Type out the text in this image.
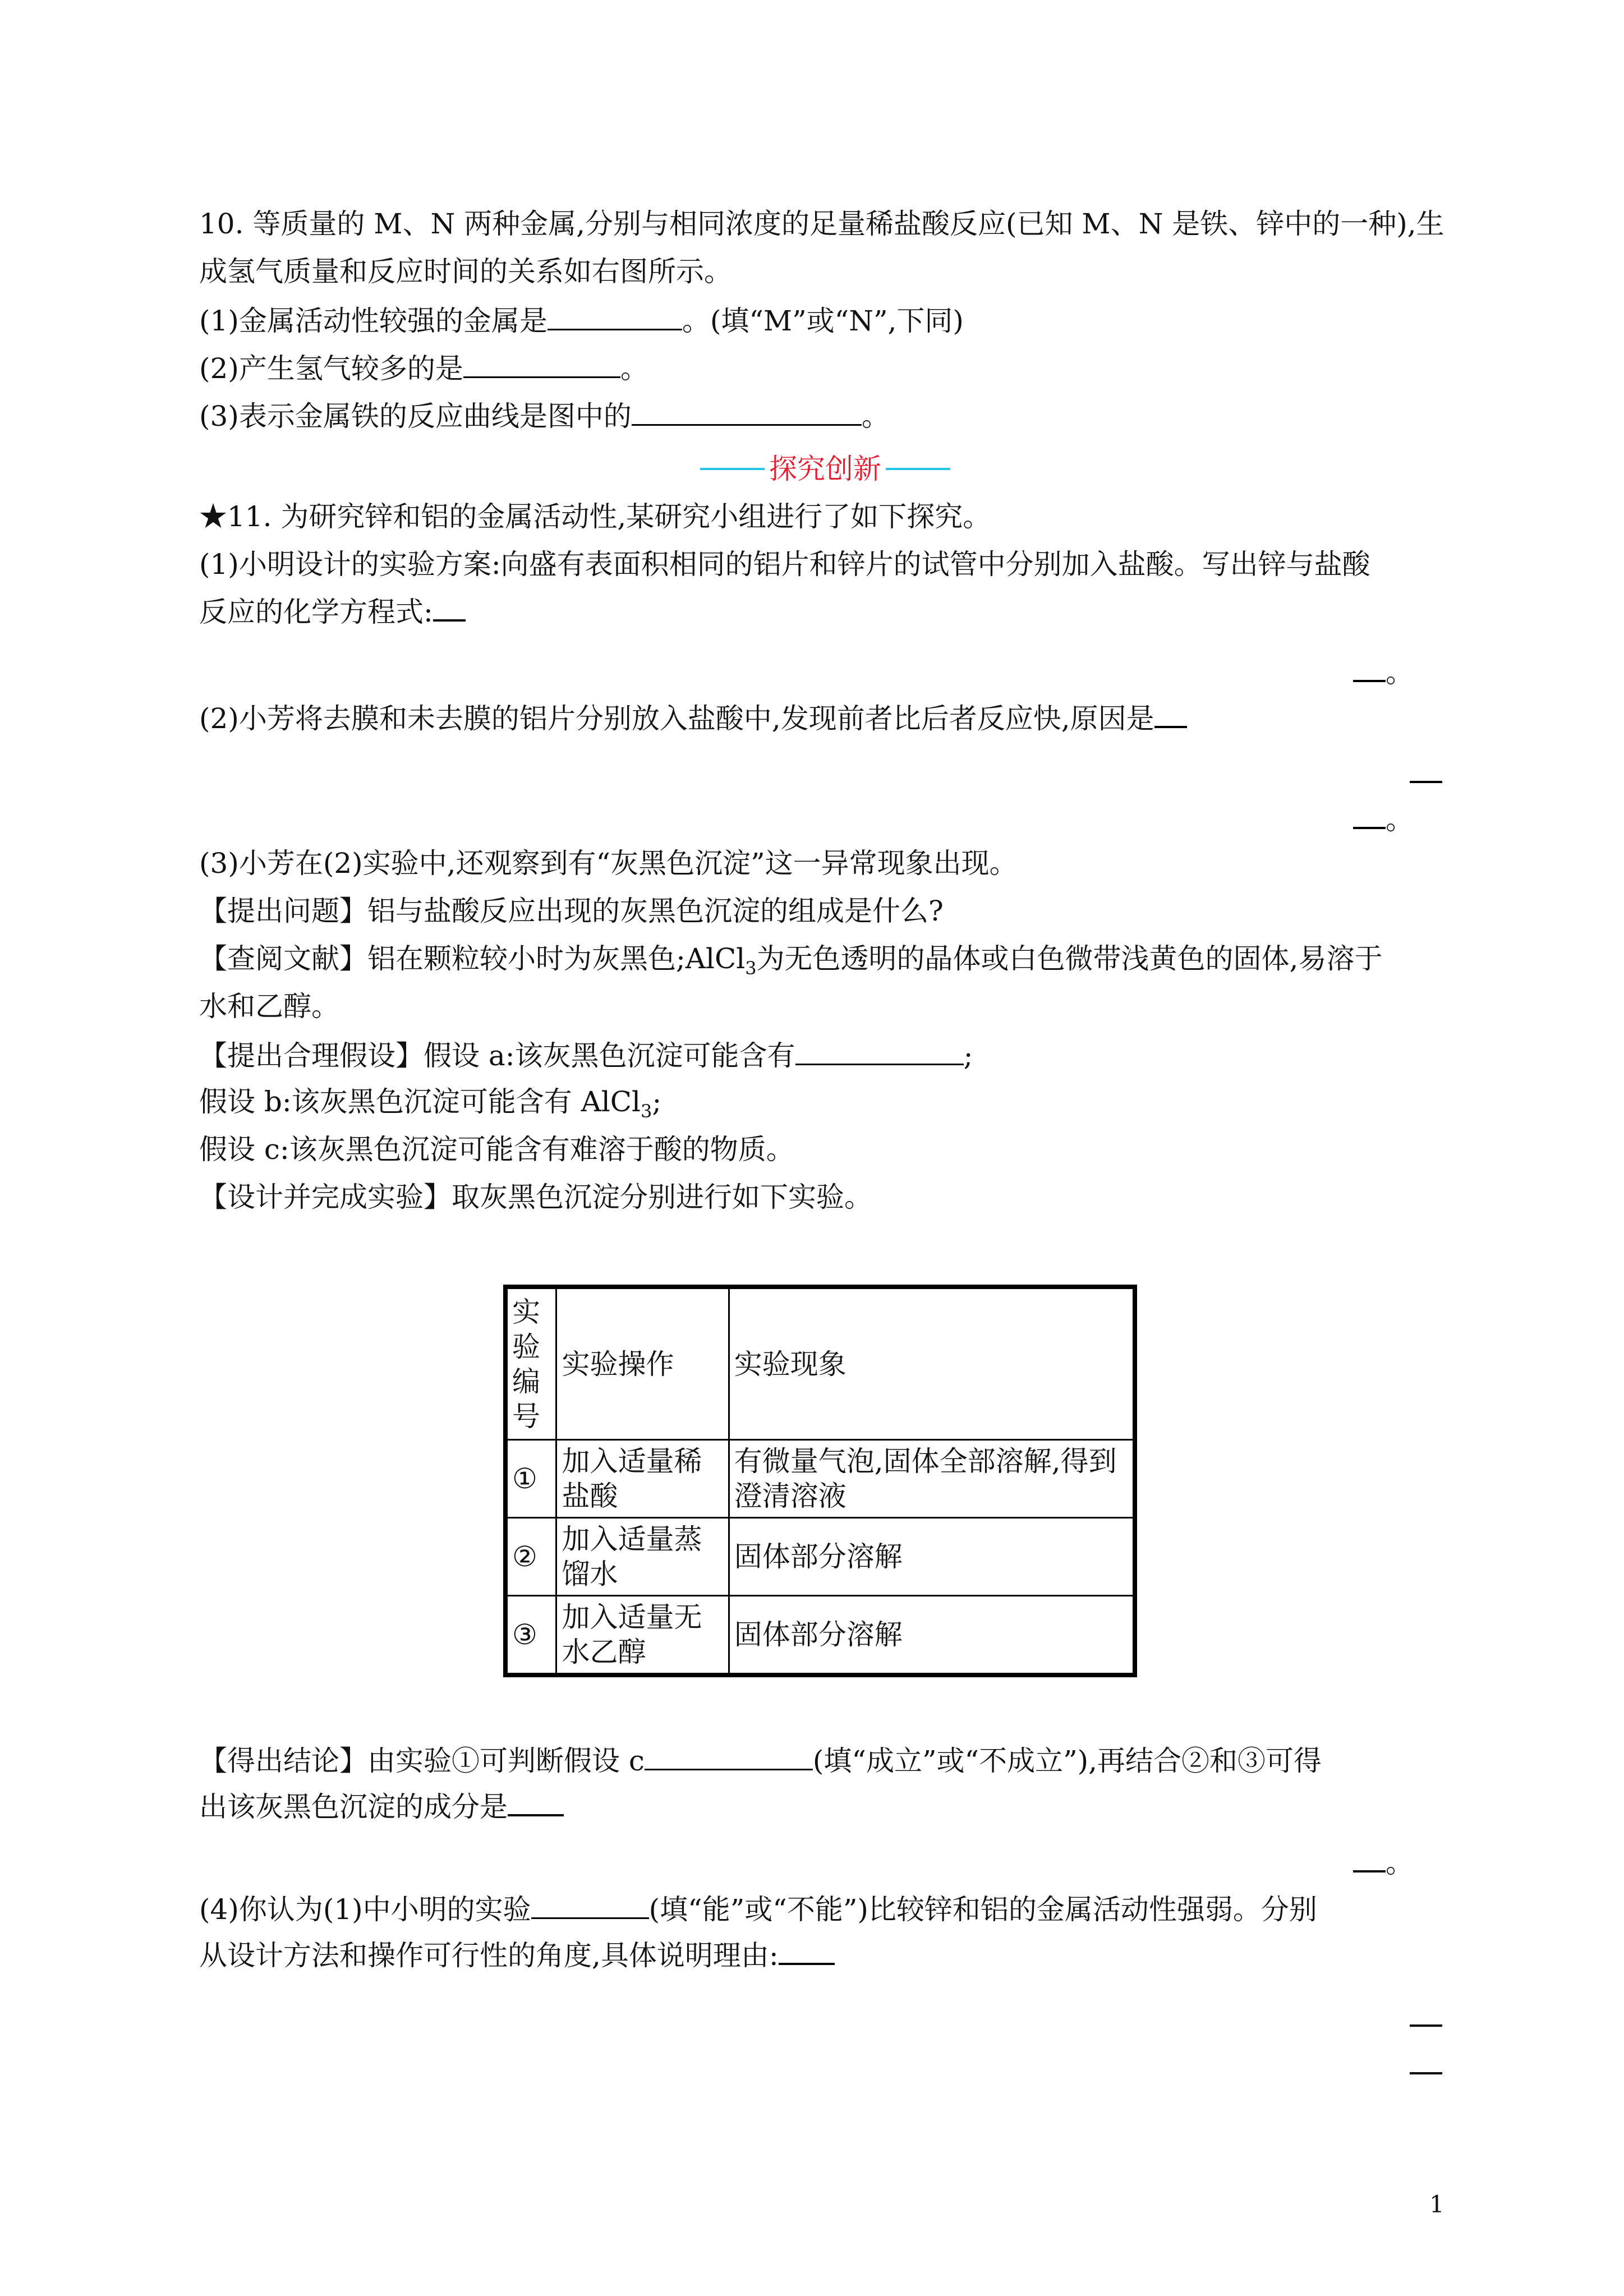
10. 等质量的 M、N 两种金属,分别与相同浓度的足量稀盐酸反应(已知 M、N 是铁、锌中的一种),生
成氢气质量和反应时间的关系如右图所示。
(1)金属活动性较强的金属是	。(填“M”或“N”,下同)
(2)产生氢气较多的是	。
(3)表示金属铁的反应曲线是图中的	。
探究创新
★11. 为研究锌和铝的金属活动性,某研究小组进行了如下探究。
(1)小明设计的实验方案:向盛有表面积相同的铝片和锌片的试管中分别加入盐酸。写出锌与盐酸
反应的化学方程式:
。
(2)小芳将去膜和未去膜的铝片分别放入盐酸中,发现前者比后者反应快,原因是
。
(3)小芳在(2)实验中,还观察到有“灰黑色沉淀”这一异常现象出现。
【提出问题】铝与盐酸反应出现的灰黑色沉淀的组成是什么?
【查阅文献】铝在颗粒较小时为灰黑色;AlCl$_3$为无色透明的晶体或白色微带浅黄色的固体,易溶于
水和乙醇。
【提出合理假设】假设 a:该灰黑色沉淀可能含有	;
假设 b:该灰黑色沉淀可能含有 AlCl$_3$;
假设 c:该灰黑色沉淀可能含有难溶于酸的物质。
【设计并完成实验】取灰黑色沉淀分别进行如下实验。
实验编号	实验操作	实验现象
①	加入适量稀盐酸	有微量气泡,固体全部溶解,得到澄清溶液
②	加入适量蒸馏水	固体部分溶解
③	加入适量无水乙醇	固体部分溶解
【得出结论】由实验①可判断假设 c	(填“成立”或“不成立”),再结合②和③可得
出该灰黑色沉淀的成分是
。
(4)你认为(1)中小明的实验	(填“能”或“不能”)比较锌和铝的金属活动性强弱。分别
从设计方法和操作可行性的角度,具体说明理由:
1
